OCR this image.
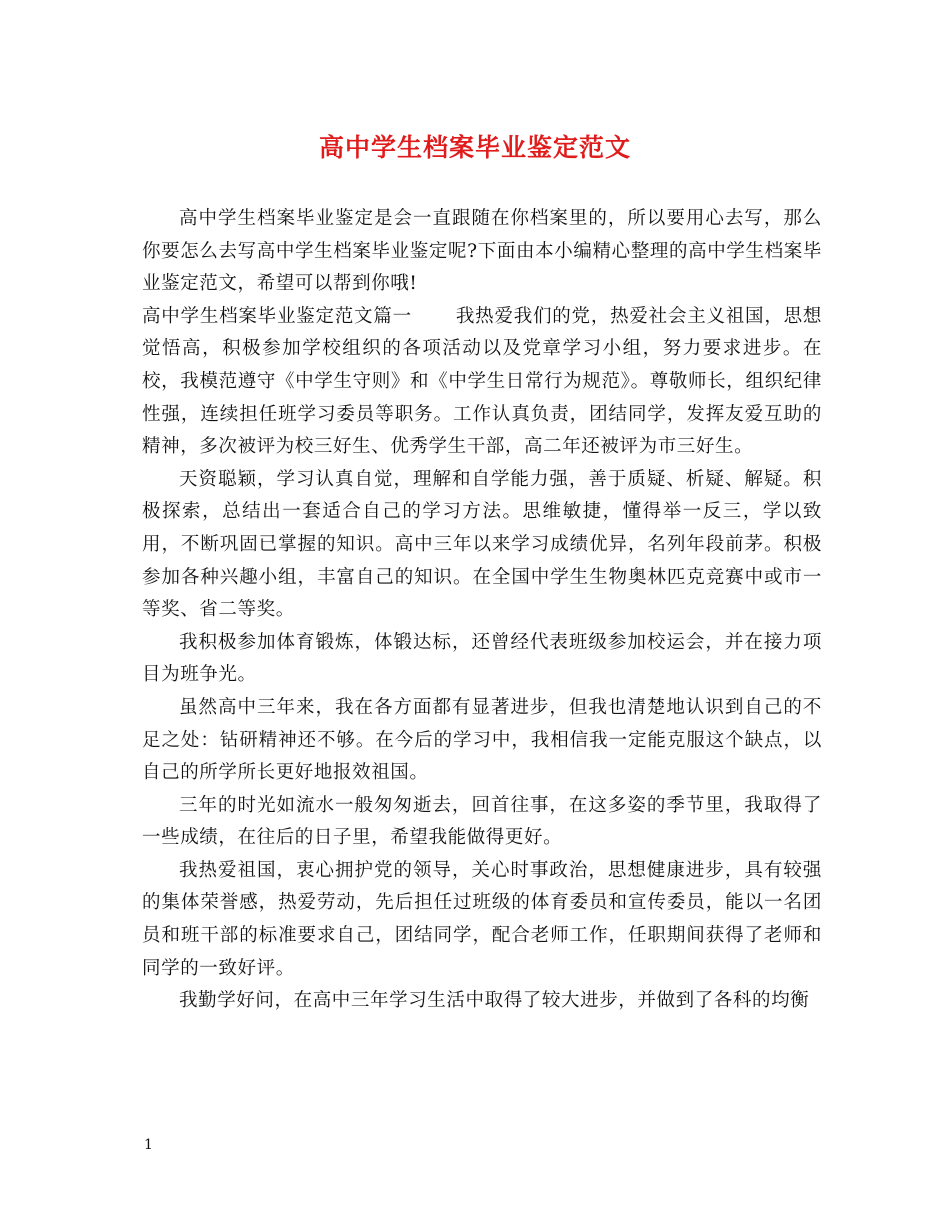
高中学生档案毕业鉴定范文

高中学生档案毕业鉴定是会一直跟随在你档案里的，所以要用心去写，那么你要怎么去写高中学生档案毕业鉴定呢?下面由本小编精心整理的高中学生档案毕业鉴定范文，希望可以帮到你哦!

高中学生档案毕业鉴定范文篇一 我热爱我们的党，热爱社会主义祖国，思想觉悟高，积极参加学校组织的各项活动以及党章学习小组，努力要求进步。在校，我模范遵守《中学生守则》和《中学生日常行为规范》。尊敬师长，组织纪律性强，连续担任班学习委员等职务。工作认真负责，团结同学，发挥友爱互助的精神，多次被评为校三好生、优秀学生干部，高二年还被评为市三好生。

天资聪颖，学习认真自觉，理解和自学能力强，善于质疑、析疑、解疑。积极探索，总结出一套适合自己的学习方法。思维敏捷，懂得举一反三，学以致用，不断巩固已掌握的知识。高中三年以来学习成绩优异，名列年段前茅。积极参加各种兴趣小组，丰富自己的知识。在全国中学生生物奥林匹克竞赛中或市一等奖、省二等奖。

我积极参加体育锻炼，体锻达标，还曾经代表班级参加校运会，并在接力项目为班争光。

虽然高中三年来，我在各方面都有显著进步，但我也清楚地认识到自己的不足之处：钻研精神还不够。在今后的学习中，我相信我一定能克服这个缺点，以自己的所学所长更好地报效祖国。

三年的时光如流水一般匆匆逝去，回首往事，在这多姿的季节里，我取得了一些成绩，在往后的日子里，希望我能做得更好。

我热爱祖国，衷心拥护党的领导，关心时事政治，思想健康进步，具有较强的集体荣誉感，热爱劳动，先后担任过班级的体育委员和宣传委员，能以一名团员和班干部的标准要求自己，团结同学，配合老师工作，任职期间获得了老师和同学的一致好评。

我勤学好问，在高中三年学习生活中取得了较大进步，并做到了各科的均衡

1
